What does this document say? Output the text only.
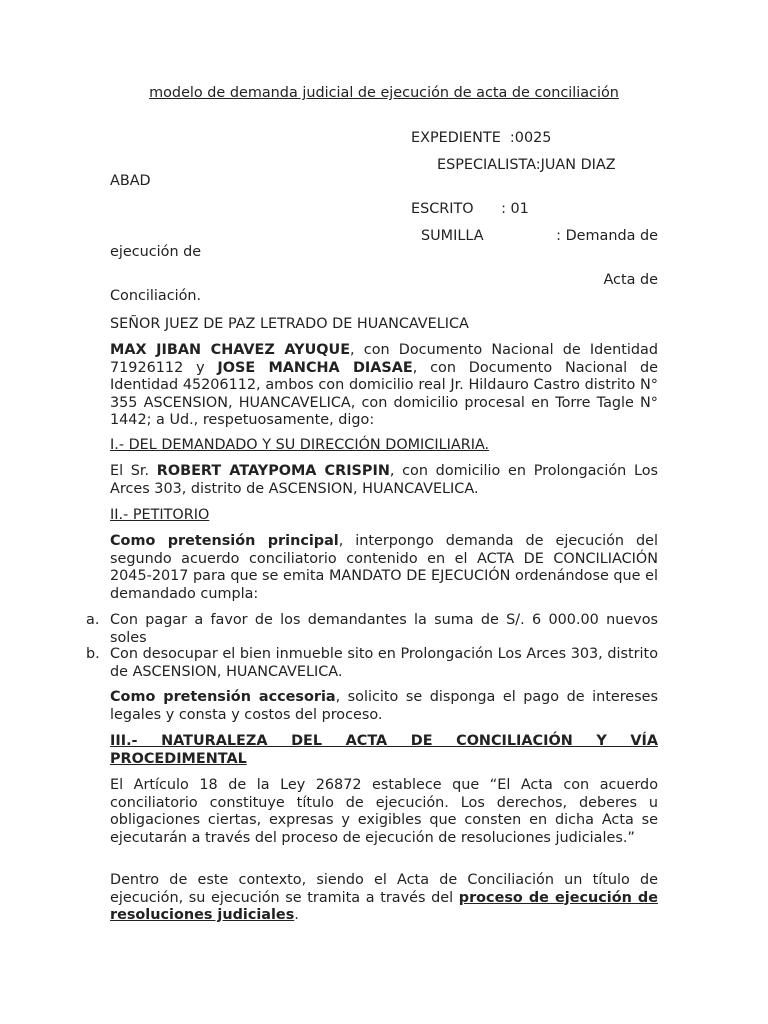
modelo de demanda judicial de ejecución de acta de conciliación
EXPEDIENTE  :0025
ESPECIALISTA:JUAN DIAZ
ABAD
ESCRITO      : 01
SUMILLA	: Demanda de
ejecución de
Acta de
Conciliación.
SEÑOR JUEZ DE PAZ LETRADO DE HUANCAVELICA
MAX JIBAN CHAVEZ AYUQUE, con Documento Nacional de Identidad 71926112 y JOSE MANCHA DIASAE, con Documento Nacional de Identidad 45206112, ambos con domicilio real Jr. Hildauro Castro distrito N° 355 ASCENSION, HUANCAVELICA, con domicilio procesal en Torre Tagle N° 1442; a Ud., respetuosamente, digo:
I.- DEL DEMANDADO Y SU DIRECCIÓN DOMICILIARIA.
El Sr. ROBERT ATAYPOMA CRISPIN, con domicilio en Prolongación Los Arces 303, distrito de ASCENSION, HUANCAVELICA.
II.- PETITORIO
Como pretensión principal, interpongo demanda de ejecución del segundo acuerdo conciliatorio contenido en el ACTA DE CONCILIACIÓN 2045-2017 para que se emita MANDATO DE EJECUCIÓN ordenándose que el demandado cumpla:
a. Con pagar a favor de los demandantes la suma de S/. 6 000.00 nuevos soles
b. Con desocupar el bien inmueble sito en Prolongación Los Arces 303, distrito de ASCENSION, HUANCAVELICA.
Como pretensión accesoria, solicito se disponga el pago de intereses legales y consta y costos del proceso.
III.- NATURALEZA DEL ACTA DE CONCILIACIÓN Y VÍA PROCEDIMENTAL
El Artículo 18 de la Ley 26872 establece que “El Acta con acuerdo conciliatorio constituye título de ejecución. Los derechos, deberes u obligaciones ciertas, expresas y exigibles que consten en dicha Acta se ejecutarán a través del proceso de ejecución de resoluciones judiciales.”
Dentro de este contexto, siendo el Acta de Conciliación un título de ejecución, su ejecución se tramita a través del proceso de ejecución de resoluciones judiciales.
